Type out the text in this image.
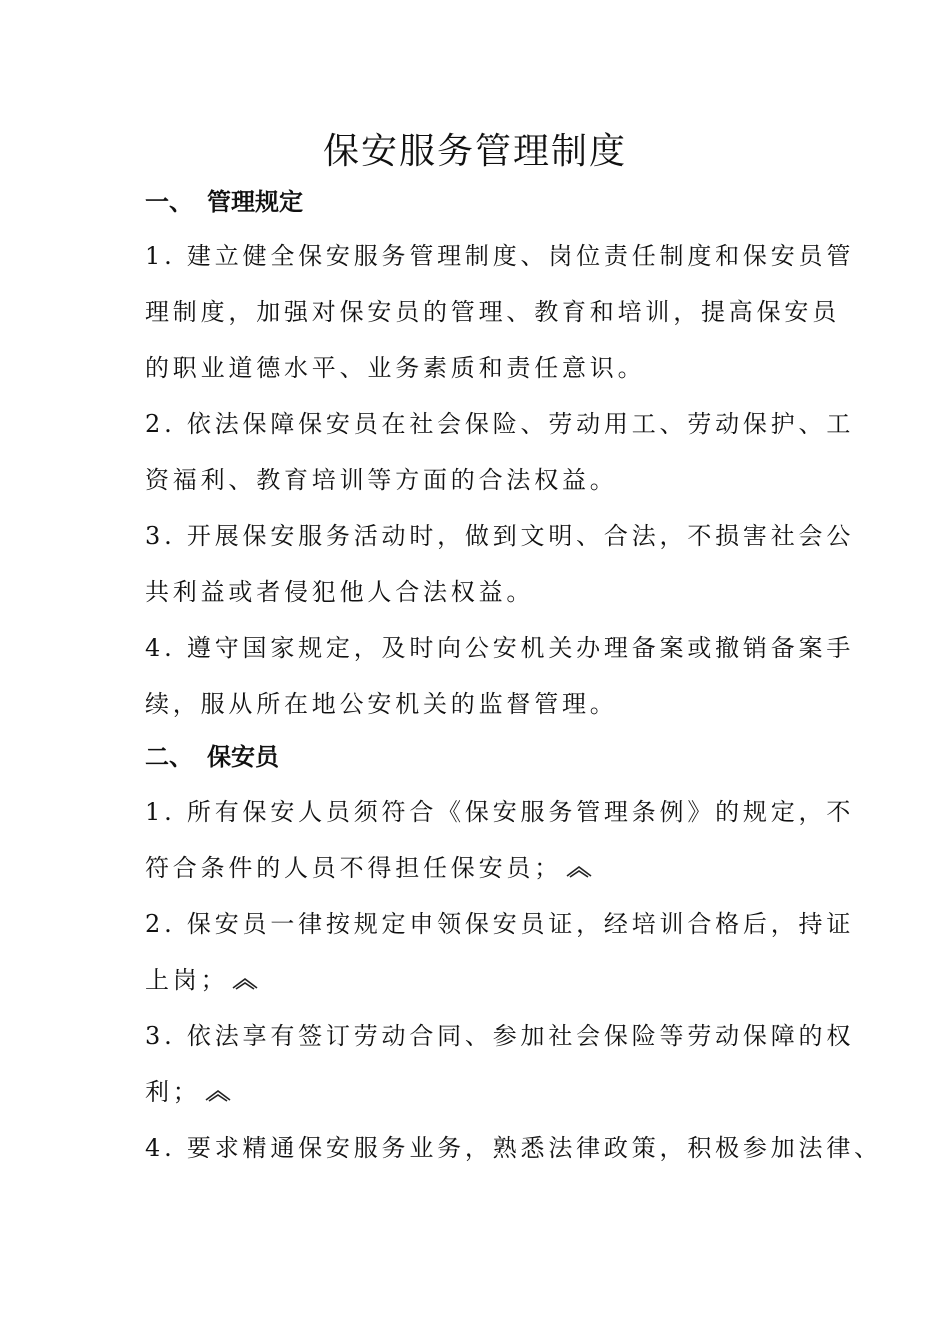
保安服务管理制度
一、 管理规定
1. 建立健全保安服务管理制度、岗位责任制度和保安员管
理制度，加强对保安员的管理、教育和培训，提高保安员
的职业道德水平、业务素质和责任意识。
2. 依法保障保安员在社会保险、劳动用工、劳动保护、工
资福利、教育培训等方面的合法权益。
3. 开展保安服务活动时，做到文明、合法，不损害社会公
共利益或者侵犯他人合法权益。
4. 遵守国家规定，及时向公安机关办理备案或撤销备案手
续，服从所在地公安机关的监督管理。
二、 保安员
1. 所有保安人员须符合《保安服务管理条例》的规定，不
符合条件的人员不得担任保安员；
2. 保安员一律按规定申领保安员证，经培训合格后，持证
上岗；
3. 依法享有签订劳动合同、参加社会保险等劳动保障的权
利；
4. 要求精通保安服务业务，熟悉法律政策，积极参加法律、
